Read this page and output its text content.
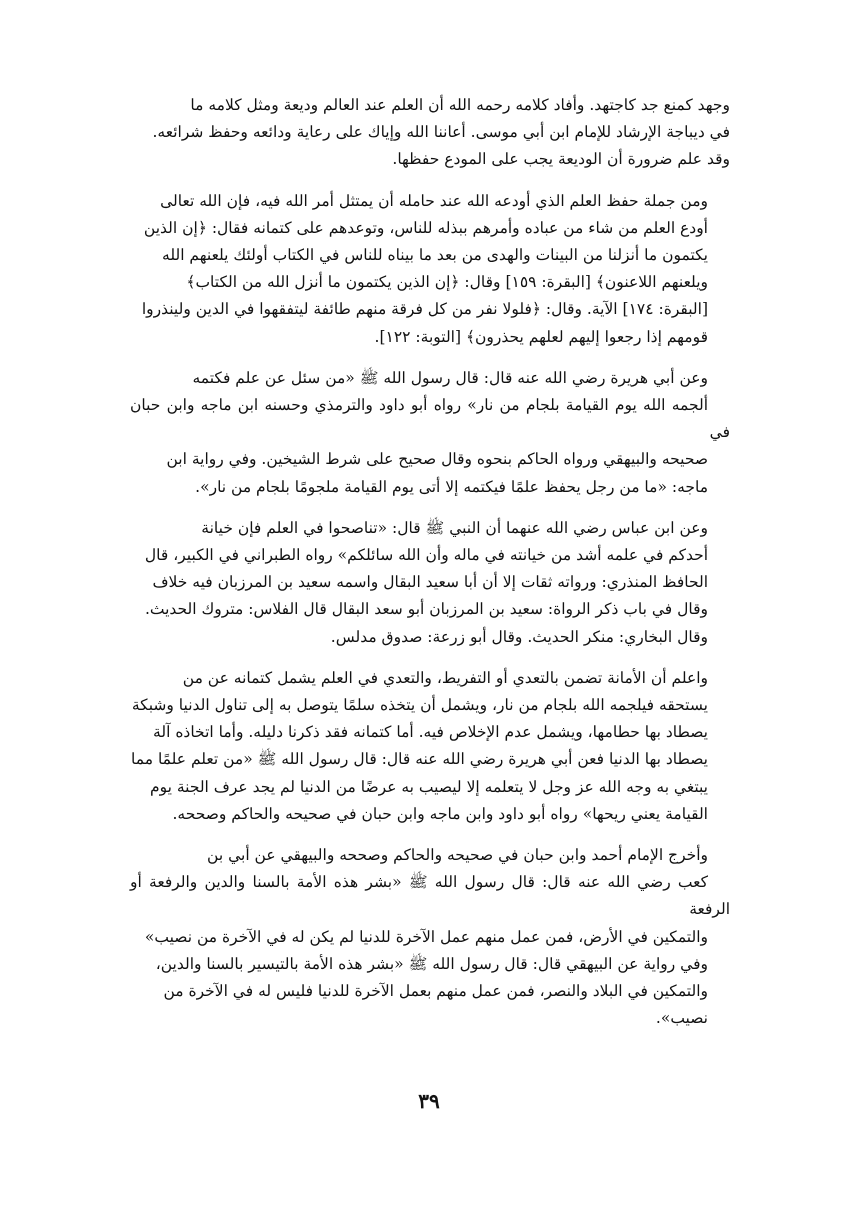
وجهد كمنع جد كاجتهد. وأفاد كلامه رحمه الله أن العلم عند العالم وديعة ومثل كلامه ما
في ديباجة الإرشاد للإمام ابن أبي موسى. أعاننا الله وإياك على رعاية ودائعه وحفظ شرائعه.
وقد علم ضرورة أن الوديعة يجب على المودع حفظها.
ومن جملة حفظ العلم الذي أودعه الله عند حامله أن يمتثل أمر الله فيه، فإن الله تعالى
أودع العلم من شاء من عباده وأمرهم ببذله للناس، وتوعدهم على كتمانه فقال: ﴿إن الذين
يكتمون ما أنزلنا من البينات والهدى من بعد ما بيناه للناس في الكتاب أولئك يلعنهم الله
ويلعنهم اللاعنون﴾ [البقرة: ١٥٩] وقال: ﴿إن الذين يكتمون ما أنزل الله من الكتاب﴾
[البقرة: ١٧٤] الآية. وقال: ﴿فلولا نفر من كل فرقة منهم طائفة ليتفقهوا في الدين ولينذروا
قومهم إذا رجعوا إليهم لعلهم يحذرون﴾ [التوبة: ١٢٢].
وعن أبي هريرة رضي الله عنه قال: قال رسول الله ﷺ «من سئل عن علم فكتمه
ألجمه الله يوم القيامة بلجام من نار» رواه أبو داود والترمذي وحسنه ابن ماجه وابن حبان في
صحيحه والبيهقي ورواه الحاكم بنحوه وقال صحيح على شرط الشيخين. وفي رواية ابن
ماجه: «ما من رجل يحفظ علمًا فيكتمه إلا أتى يوم القيامة ملجومًا بلجام من نار».
وعن ابن عباس رضي الله عنهما أن النبي ﷺ قال: «تناصحوا في العلم فإن خيانة
أحدكم في علمه أشد من خيانته في ماله وأن الله سائلكم» رواه الطبراني في الكبير، قال
الحافظ المنذري: ورواته ثقات إلا أن أبا سعيد البقال واسمه سعيد بن المرزبان فيه خلاف
وقال في باب ذكر الرواة: سعيد بن المرزبان أبو سعد البقال قال الفلاس: متروك الحديث.
وقال البخاري: منكر الحديث. وقال أبو زرعة: صدوق مدلس.
واعلم أن الأمانة تضمن بالتعدي أو التفريط، والتعدي في العلم يشمل كتمانه عن من
يستحقه فيلجمه الله بلجام من نار، ويشمل أن يتخذه سلمًا يتوصل به إلى تناول الدنيا وشبكة
يصطاد بها حطامها، ويشمل عدم الإخلاص فيه. أما كتمانه فقد ذكرنا دليله. وأما اتخاذه آلة
يصطاد بها الدنيا فعن أبي هريرة رضي الله عنه قال: قال رسول الله ﷺ «من تعلم علمًا مما
يبتغي به وجه الله عز وجل لا يتعلمه إلا ليصيب به عرضًا من الدنيا لم يجد عرف الجنة يوم
القيامة يعني ريحها» رواه أبو داود وابن ماجه وابن حبان في صحيحه والحاكم وصححه.
وأخرج الإمام أحمد وابن حبان في صحيحه والحاكم وصححه والبيهقي عن أبي بن
كعب رضي الله عنه قال: قال رسول الله ﷺ «بشر هذه الأمة بالسنا والدين والرفعة أو الرفعة
والتمكين في الأرض، فمن عمل منهم عمل الآخرة للدنيا لم يكن له في الآخرة من نصيب»
وفي رواية عن البيهقي قال: قال رسول الله ﷺ «بشر هذه الأمة بالتيسير بالسنا والدين،
والتمكين في البلاد والنصر، فمن عمل منهم بعمل الآخرة للدنيا فليس له في الآخرة من
نصيب».
٣٩
